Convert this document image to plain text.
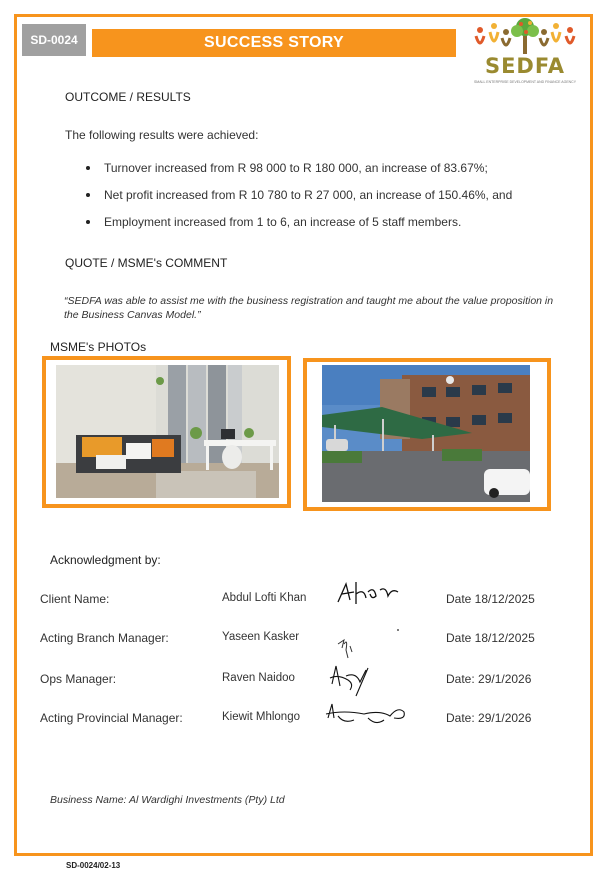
SD-0024	SUCCESS STORY
SEDFA
SMALL ENTERPRISE DEVELOPMENT AND FINANCE AGENCY
OUTCOME / RESULTS
The following results were achieved:
Turnover increased from R 98 000 to R 180 000, an increase of 83.67%;
Net profit increased from R 10 780 to R 27 000, an increase of 150.46%, and
Employment increased from 1 to 6, an increase of 5 staff members.
QUOTE / MSME's COMMENT
“SEDFA was able to assist me with the business registration and taught me about the value proposition in the Business Canvas Model.”
MSME's PHOTOs
Acknowledgment by:
Client Name:	Abdul Lofti Khan	Date 18/12/2025
Acting Branch Manager:	Yaseen Kasker	Date 18/12/2025
Ops Manager:	Raven Naidoo	Date: 29/1/2026
Acting Provincial Manager:	Kiewit Mhlongo	Date: 29/1/2026
Business Name: Al Wardighi Investments (Pty) Ltd
SD-0024/02-13
